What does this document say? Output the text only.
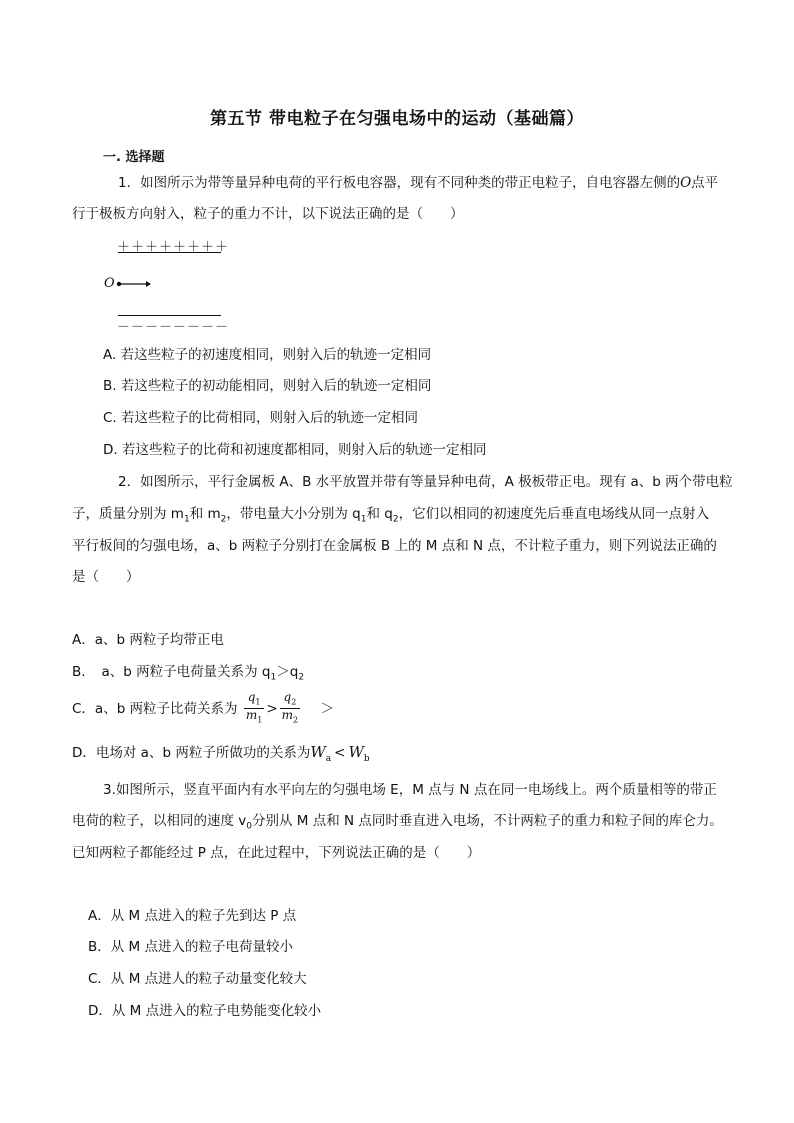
第五节 带电粒子在匀强电场中的运动（基础篇）
一. 选择题
1．如图所示为带等量异种电荷的平行板电容器，现有不同种类的带正电粒子，自电容器左侧的O点平
行于极板方向射入，粒子的重力不计，以下说法正确的是（　　）
＋＋＋＋＋＋＋＋
O
－－－－－－－－
A. 若这些粒子的初速度相同，则射入后的轨迹一定相同
B. 若这些粒子的初动能相同，则射入后的轨迹一定相同
C. 若这些粒子的比荷相同，则射入后的轨迹一定相同
D. 若这些粒子的比荷和初速度都相同，则射入后的轨迹一定相同
2．如图所示，平行金属板 A、B 水平放置并带有等量异种电荷，A 极板带正电。现有 a、b 两个带电粒
子，质量分别为 $m_1$和 $m_2$，带电量大小分别为 $q_1$和 $q_2$，它们以相同的初速度先后垂直电场线从同一点射入
平行板间的匀强电场，a、b 两粒子分别打在金属板 B 上的 M 点和 N 点，不计粒子重力，则下列说法正确的
是（　　）
A．a、b 两粒子均带正电
B．　a、b 两粒子电荷量关系为 $q_1>q_2$
C．a、b 两粒子比荷关系为 $\frac{q_1}{m_1} > \frac{q_2}{m_2}$ ＞
D．电场对 a、b 两粒子所做功的关系为$W_a < W_b$
3.如图所示，竖直平面内有水平向左的匀强电场 E，M 点与 N 点在同一电场线上。两个质量相等的带正
电荷的粒子，以相同的速度 $v_0$分别从 M 点和 N 点同时垂直进入电场，不计两粒子的重力和粒子间的库仑力。
已知两粒子都能经过 P 点，在此过程中，下列说法正确的是（　　）
A．从 M 点进入的粒子先到达 P 点
B．从 M 点进入的粒子电荷量较小
C．从 M 点进人的粒子动量变化较大
D．从 M 点进入的粒子电势能变化较小
